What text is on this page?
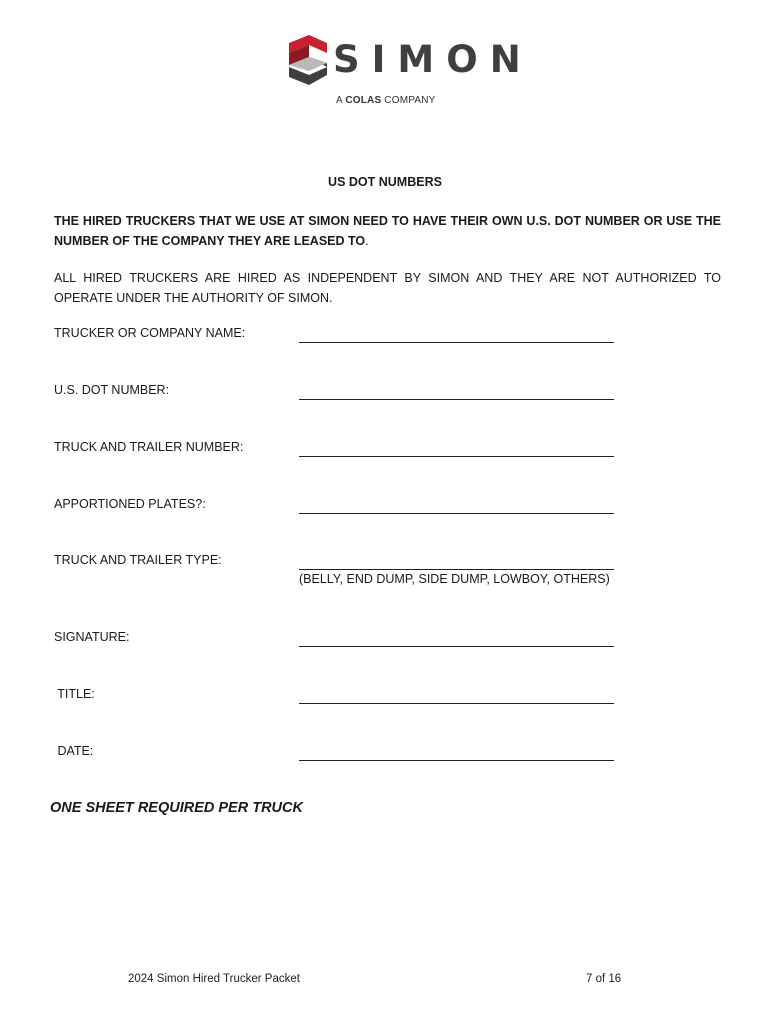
SIMON
A COLAS COMPANY
US DOT NUMBERS
THE HIRED TRUCKERS THAT WE USE AT SIMON NEED TO HAVE THEIR OWN U.S. DOT NUMBER OR USE THE NUMBER OF THE COMPANY THEY ARE LEASED TO.
ALL HIRED TRUCKERS ARE HIRED AS INDEPENDENT BY SIMON AND THEY ARE NOT AUTHORIZED TO OPERATE UNDER THE AUTHORITY OF SIMON.
TRUCKER OR COMPANY NAME:
U.S. DOT NUMBER:
TRUCK AND TRAILER NUMBER:
APPORTIONED PLATES?:
TRUCK AND TRAILER TYPE:
(BELLY, END DUMP, SIDE DUMP, LOWBOY, OTHERS)
SIGNATURE:
TITLE:
DATE:
ONE SHEET REQUIRED PER TRUCK
2024 Simon Hired Trucker Packet	7 of 16
